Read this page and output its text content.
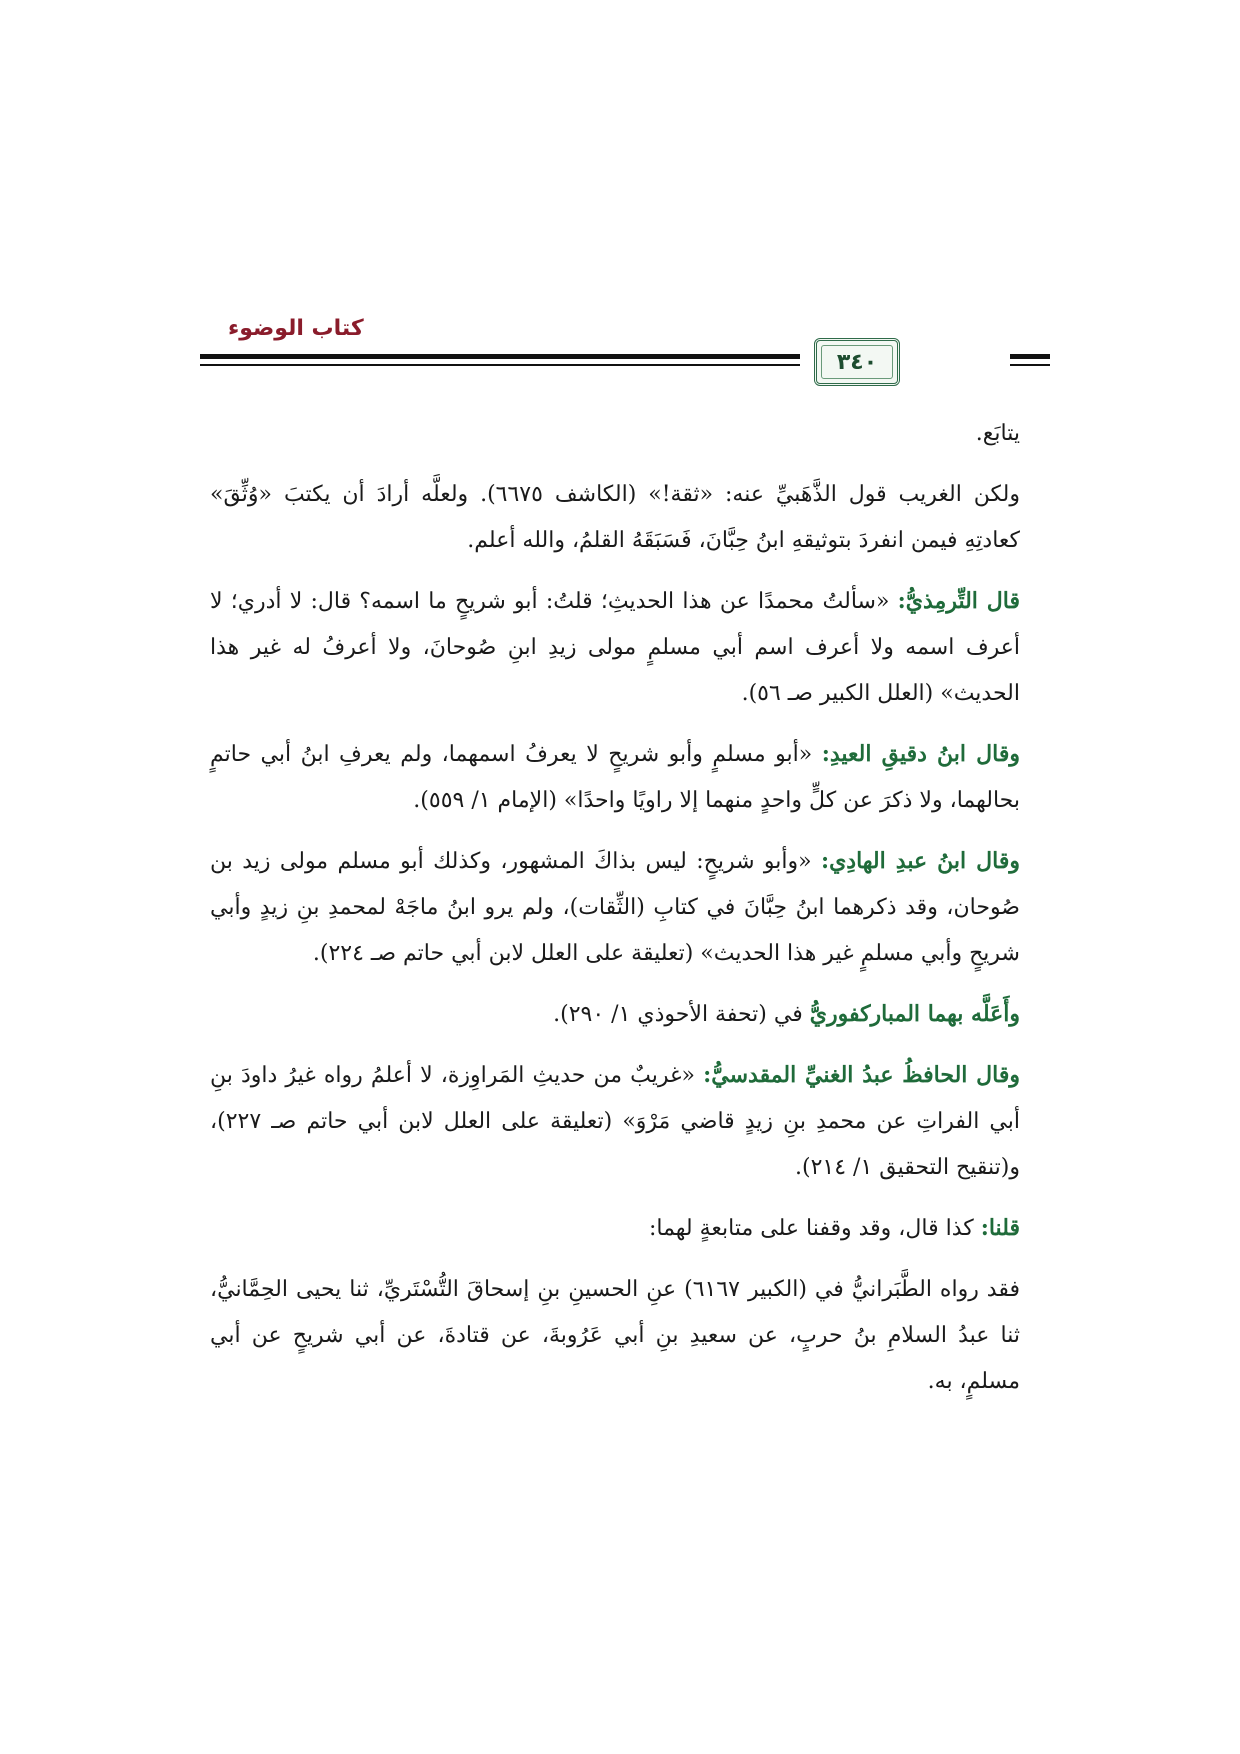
كتاب الوضوء
٣٤٠

يتابَع.

ولكن الغريب قول الذَّهَبيِّ عنه: «ثقة!» (الكاشف ٦٦٧٥). ولعلَّه أرادَ أن يكتبَ «وُثِّقَ» كعادتِهِ فيمن انفردَ بتوثيقهِ ابنُ حِبَّانَ، فَسَبَقَهُ القلمُ، والله أعلم.

قال التِّرمِذيُّ: «سألتُ محمدًا عن هذا الحديثِ؛ قلتُ: أبو شريحٍ ما اسمه؟ قال: لا أدري؛ لا أعرف اسمه ولا أعرف اسم أبي مسلمٍ مولى زيدِ ابنِ صُوحانَ، ولا أعرفُ له غير هذا الحديث» (العلل الكبير صـ ٥٦).

وقال ابنُ دقيقِ العيدِ: «أبو مسلمٍ وأبو شريحٍ لا يعرفُ اسمهما، ولم يعرفِ ابنُ أبي حاتمٍ بحالهما، ولا ذكرَ عن كلٍّ واحدٍ منهما إلا راويًا واحدًا» (الإمام ١/ ٥٥٩).

وقال ابنُ عبدِ الهادِي: «وأبو شريحٍ: ليس بذاكَ المشهور، وكذلك أبو مسلم مولى زيد بن صُوحان، وقد ذكرهما ابنُ حِبَّانَ في كتابِ (الثِّقات)، ولم يرو ابنُ ماجَهْ لمحمدِ بنِ زيدٍ وأبي شريحٍ وأبي مسلمٍ غير هذا الحديث» (تعليقة على العلل لابن أبي حاتم صـ ٢٢٤).

وأَعَلَّه بهما المباركفوريُّ في (تحفة الأحوذي ١/ ٢٩٠).

وقال الحافظُ عبدُ الغنيِّ المقدسيُّ: «غريبٌ من حديثِ المَراوِزة، لا أعلمُ رواه غيرُ داودَ بنِ أبي الفراتِ عن محمدِ بنِ زيدٍ قاضي مَرْوَ» (تعليقة على العلل لابن أبي حاتم صـ ٢٢٧)، و(تنقيح التحقيق ١/ ٢١٤).

قلنا: كذا قال، وقد وقفنا على متابعةٍ لهما:

فقد رواه الطَّبَرانيُّ في (الكبير ٦١٦٧) عنِ الحسينِ بنِ إسحاقَ التُّسْتَريِّ، ثنا يحيى الحِمَّانيُّ، ثنا عبدُ السلامِ بنُ حربٍ، عن سعيدِ بنِ أبي عَرُوبةَ، عن قتادةَ، عن أبي شريحٍ عن أبي مسلمٍ، به.
